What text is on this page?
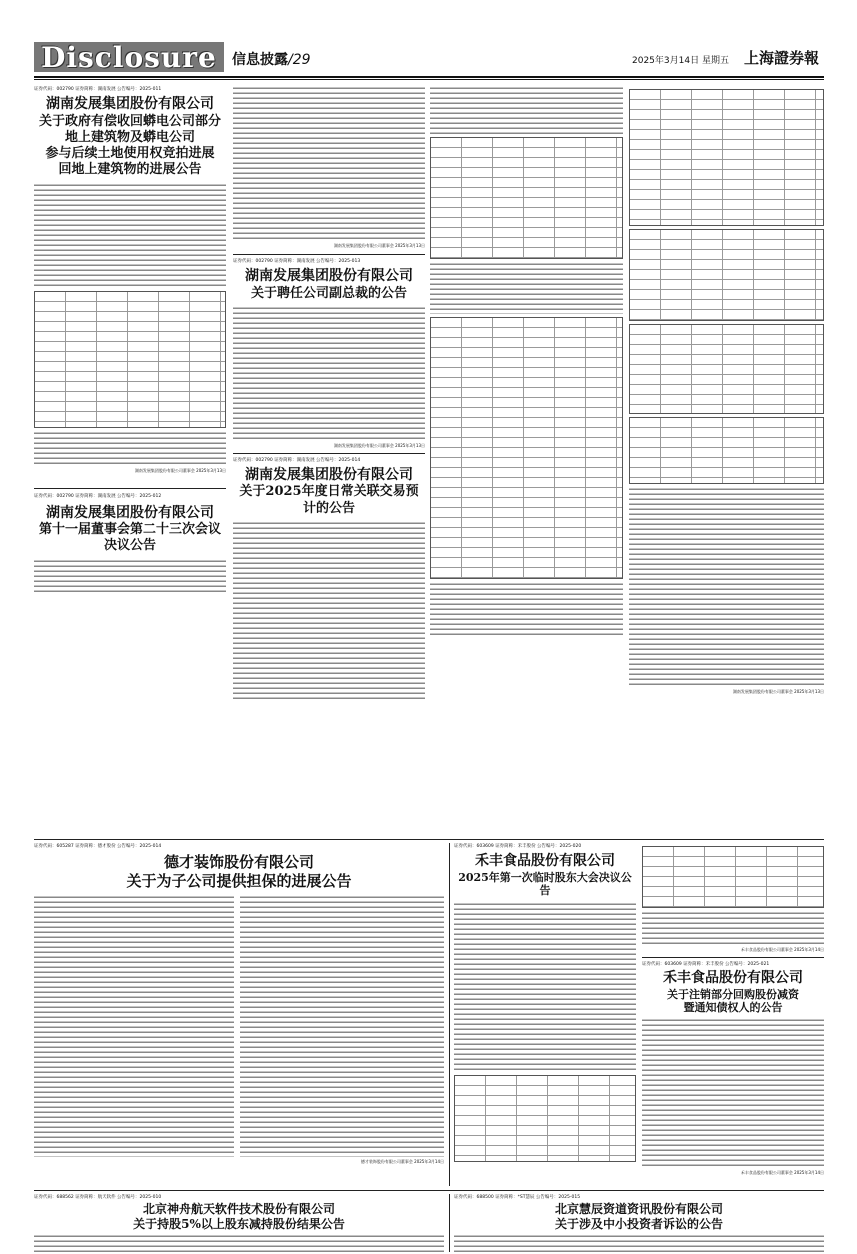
Disclosure	信息披露/29	2025年3月14日 星期五 上海證券報
证券代码：002790 证券简称：湖南发展 公告编号：2025-011
湖南发展集团股份有限公司
关于政府有偿收回蟒电公司部分
地上建筑物及蟒电公司
参与后续土地使用权竞拍进展
回地上建筑物的进展公告
湖南发展集团股份有限公司董事会 2025年3月13日
证券代码：002790 证券简称：湖南发展 公告编号：2025-012
湖南发展集团股份有限公司
第十一届董事会第二十三次会议决议公告
湖南发展集团股份有限公司董事会 2025年3月13日
证券代码：002790 证券简称：湖南发展 公告编号：2025-013
湖南发展集团股份有限公司
关于聘任公司副总裁的公告
湖南发展集团股份有限公司董事会 2025年3月13日
证券代码：002790 证券简称：湖南发展 公告编号：2025-014
湖南发展集团股份有限公司
关于2025年度日常关联交易预计的公告
湖南发展集团股份有限公司董事会 2025年3月13日
证券代码：605287 证券简称：德才股份 公告编号：2025-014
德才装饰股份有限公司
关于为子公司提供担保的进展公告
德才装饰股份有限公司董事会 2025年3月14日
证券代码：603609 证券简称：禾丰股份 公告编号：2025-020
禾丰食品股份有限公司
2025年第一次临时股东大会决议公告
禾丰食品股份有限公司董事会 2025年3月14日
证券代码：603609 证券简称：禾丰股份 公告编号：2025-021
禾丰食品股份有限公司
关于注销部分回购股份减资
暨通知债权人的公告
禾丰食品股份有限公司董事会 2025年3月14日
证券代码：688562 证券简称：航天软件 公告编号：2025-010
北京神舟航天软件技术股份有限公司
关于持股5%以上股东减持股份结果公告
证券代码：688500 证券简称：*ST慧辰 公告编号：2025-015
北京慧辰资道资讯股份有限公司
关于涉及中小投资者诉讼的公告
